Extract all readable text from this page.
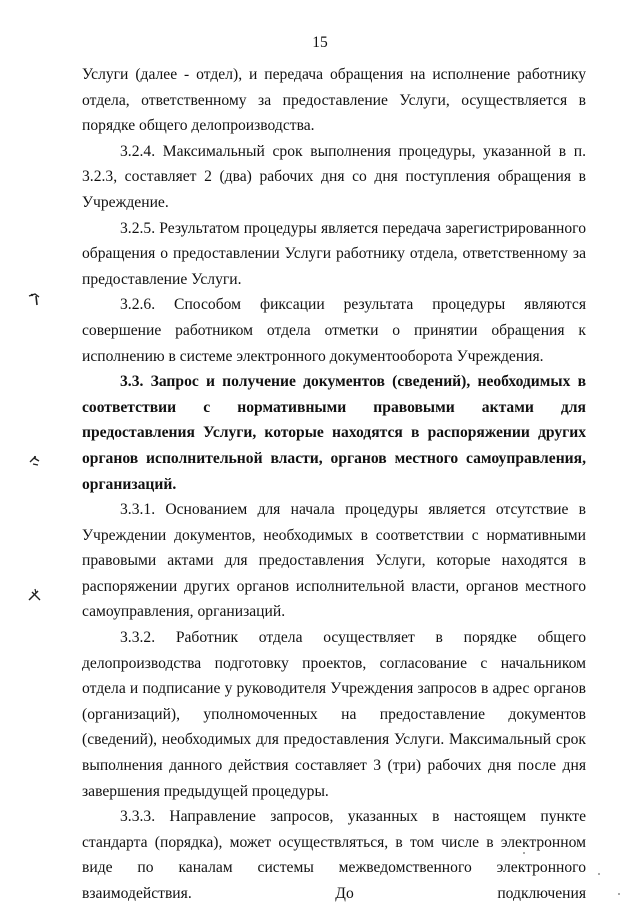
15

Услуги (далее - отдел), и передача обращения на исполнение работнику отдела, ответственному за предоставление Услуги, осуществляется в порядке общего делопроизводства.

3.2.4. Максимальный срок выполнения процедуры, указанной в п. 3.2.3, составляет 2 (два) рабочих дня со дня поступления обращения в Учреждение.

3.2.5. Результатом процедуры является передача зарегистрированного обращения о предоставлении Услуги работнику отдела, ответственному за предоставление Услуги.

3.2.6. Способом фиксации результата процедуры являются совершение работником отдела отметки о принятии обращения к исполнению в системе электронного документооборота Учреждения.

3.3. Запрос и получение документов (сведений), необходимых в соответствии с нормативными правовыми актами для предоставления Услуги, которые находятся в распоряжении других органов исполнительной власти, органов местного самоуправления, организаций.

3.3.1. Основанием для начала процедуры является отсутствие в Учреждении документов, необходимых в соответствии с нормативными правовыми актами для предоставления Услуги, которые находятся в распоряжении других органов исполнительной власти, органов местного самоуправления, организаций.

3.3.2. Работник отдела осуществляет в порядке общего делопроизводства подготовку проектов, согласование с начальником отдела и подписание у руководителя Учреждения запросов в адрес органов (организаций), уполномоченных на предоставление документов (сведений), необходимых для предоставления Услуги. Максимальный срок выполнения данного действия составляет 3 (три) рабочих дня после дня завершения предыдущей процедуры.

3.3.3. Направление запросов, указанных в настоящем пункте стандарта (порядка), может осуществляться, в том числе в электронном виде по каналам системы межведомственного электронного взаимодействия. До подключения
